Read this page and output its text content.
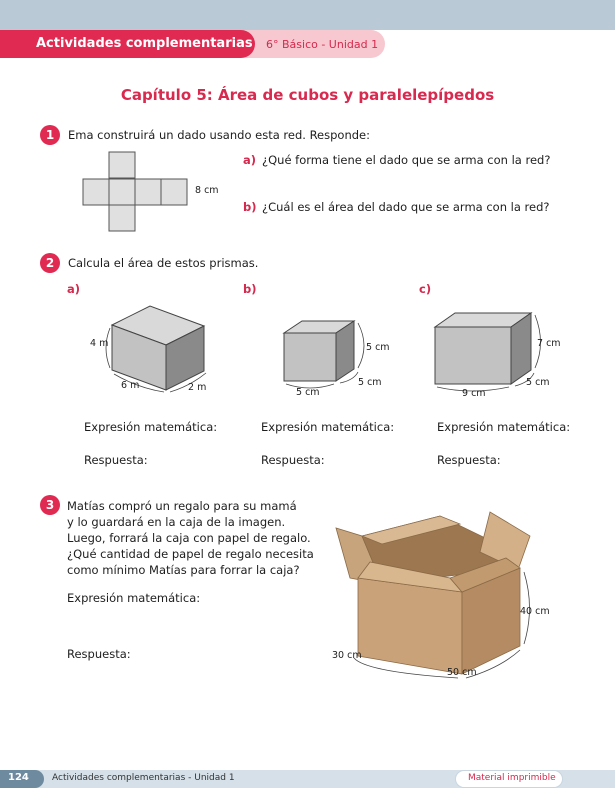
Actividades complementarias 6° Básico - Unidad 1
Capítulo 5: Área de cubos y paralelepípedos
1	Ema construirá un dado usando esta red. Responde:
8 cm
a) ¿Qué forma tiene el dado que se arma con la red?
b) ¿Cuál es el área del dado que se arma con la red?
2	Calcula el área de estos prismas.
a)	b)	c)
4 m
6 m	2 m
5 cm
5 cm
5 cm
7 cm
5 cm
9 cm
Expresión matemática:	Expresión matemática:	Expresión matemática:
Respuesta:	Respuesta:	Respuesta:
3	Matías compró un regalo para su mamá
y lo guardará en la caja de la imagen.
Luego, forrará la caja con papel de regalo.
¿Qué cantidad de papel de regalo necesita
como mínimo Matías para forrar la caja?
Expresión matemática:
Respuesta:
40 cm
30 cm
50 cm
124	Actividades complementarias - Unidad 1	Material imprimible
